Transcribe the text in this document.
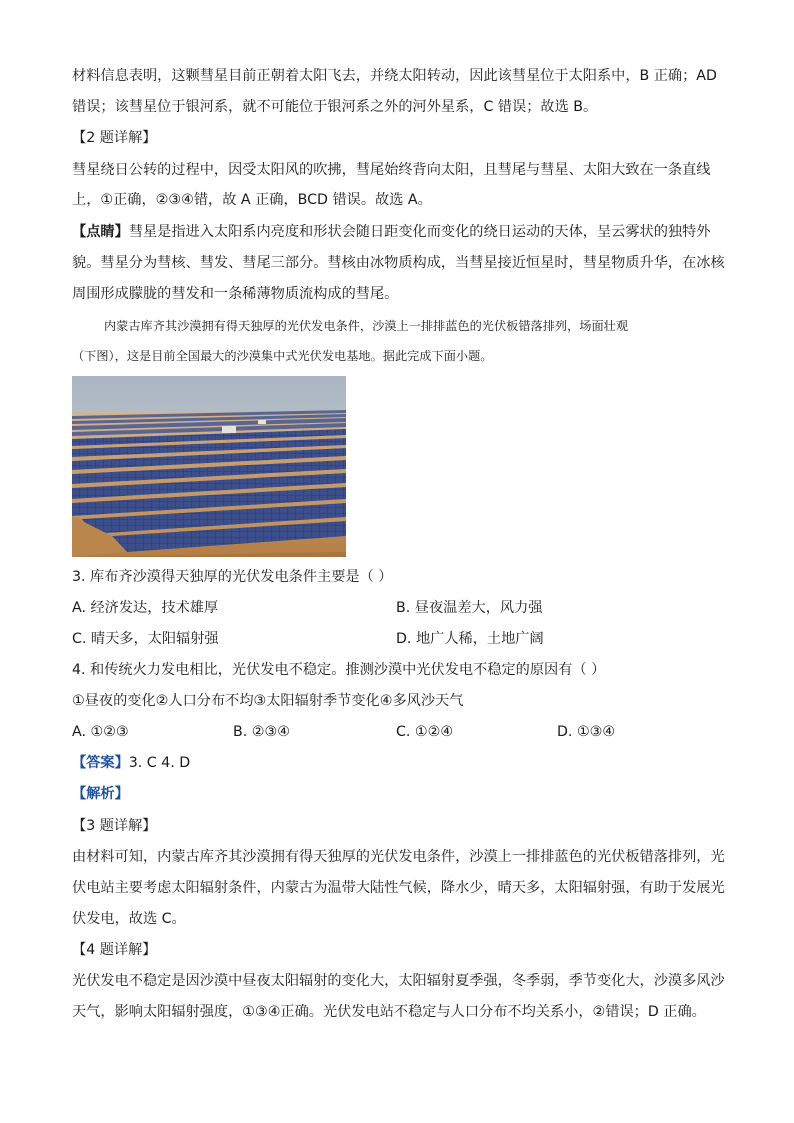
材料信息表明，这颗彗星目前正朝着太阳飞去，并绕太阳转动，因此该彗星位于太阳系中，B 正确；AD
错误；该彗星位于银河系，就不可能位于银河系之外的河外星系，C 错误；故选 B。
【2 题详解】
彗星绕日公转的过程中，因受太阳风的吹拂，彗尾始终背向太阳，且彗尾与彗星、太阳大致在一条直线
上，①正确，②③④错，故 A 正确，BCD 错误。故选 A。
【点睛】彗星是指进入太阳系内亮度和形状会随日距变化而变化的绕日运动的天体，呈云雾状的独特外
貌。彗星分为彗核、彗发、彗尾三部分。彗核由冰物质构成，当彗星接近恒星时，彗星物质升华，在冰核
周围形成朦胧的彗发和一条稀薄物质流构成的彗尾。
内蒙古库齐其沙漠拥有得天独厚的光伏发电条件，沙漠上一排排蓝色的光伏板错落排列，场面壮观
（下图），这是目前全国最大的沙漠集中式光伏发电基地。据此完成下面小题。
3. 库布齐沙漠得天独厚的光伏发电条件主要是（ ）
A. 经济发达，技术雄厚	B. 昼夜温差大，风力强
C. 晴天多，太阳辐射强	D. 地广人稀，土地广阔
4. 和传统火力发电相比，光伏发电不稳定。推测沙漠中光伏发电不稳定的原因有（ ）
①昼夜的变化②人口分布不均③太阳辐射季节变化④多风沙天气
A. ①②③	B. ②③④	C. ①②④	D. ①③④
【答案】3. C 4. D
【解析】
【3 题详解】
由材料可知，内蒙古库齐其沙漠拥有得天独厚的光伏发电条件，沙漠上一排排蓝色的光伏板错落排列，光
伏电站主要考虑太阳辐射条件，内蒙古为温带大陆性气候，降水少，晴天多，太阳辐射强，有助于发展光
伏发电，故选 C。
【4 题详解】
光伏发电不稳定是因沙漠中昼夜太阳辐射的变化大，太阳辐射夏季强，冬季弱，季节变化大，沙漠多风沙
天气，影响太阳辐射强度，①③④正确。光伏发电站不稳定与人口分布不均关系小，②错误；D 正确。
